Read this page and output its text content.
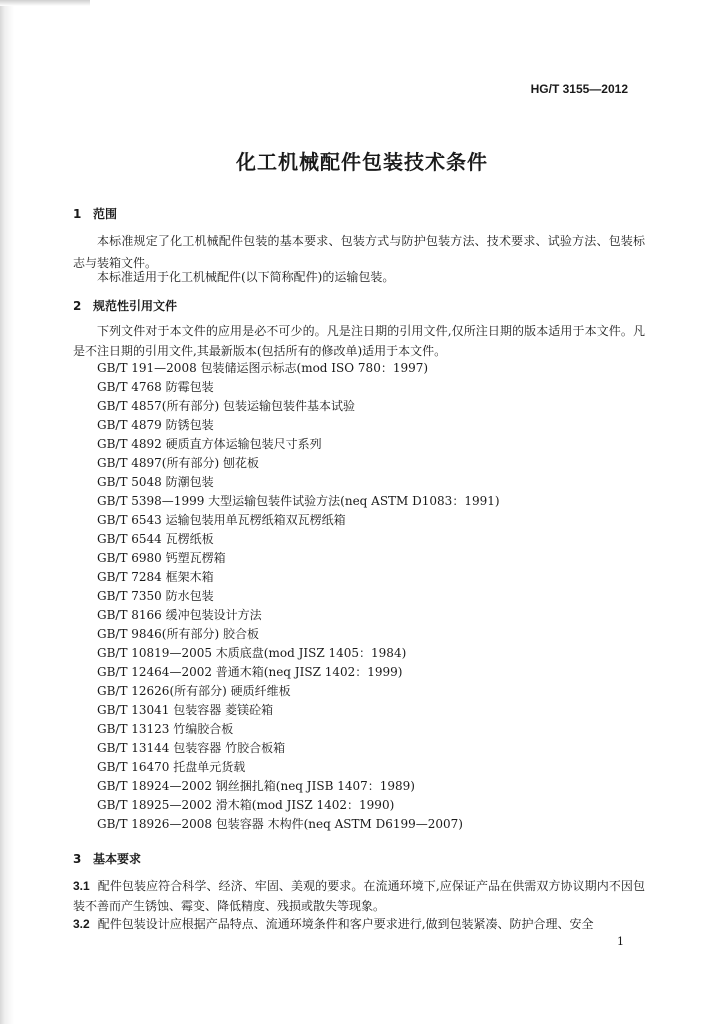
HG/T 3155—2012
化工机械配件包装技术条件
1 范围
本标准规定了化工机械配件包装的基本要求、包装方式与防护包装方法、技术要求、试验方法、包装标志与装箱文件。
本标准适用于化工机械配件(以下简称配件)的运输包装。
2 规范性引用文件
下列文件对于本文件的应用是必不可少的。凡是注日期的引用文件,仅所注日期的版本适用于本文件。凡是不注日期的引用文件,其最新版本(包括所有的修改单)适用于本文件。
GB/T 191—2008 包装储运图示标志(mod ISO 780：1997)
GB/T 4768 防霉包装
GB/T 4857(所有部分) 包装运输包装件基本试验
GB/T 4879 防锈包装
GB/T 4892 硬质直方体运输包装尺寸系列
GB/T 4897(所有部分) 刨花板
GB/T 5048 防潮包装
GB/T 5398—1999 大型运输包装件试验方法(neq ASTM D1083：1991)
GB/T 6543 运输包装用单瓦楞纸箱双瓦楞纸箱
GB/T 6544 瓦楞纸板
GB/T 6980 钙塑瓦楞箱
GB/T 7284 框架木箱
GB/T 7350 防水包装
GB/T 8166 缓冲包装设计方法
GB/T 9846(所有部分) 胶合板
GB/T 10819—2005 木质底盘(mod JISZ 1405：1984)
GB/T 12464—2002 普通木箱(neq JISZ 1402：1999)
GB/T 12626(所有部分) 硬质纤维板
GB/T 13041 包装容器 菱镁砼箱
GB/T 13123 竹编胶合板
GB/T 13144 包装容器 竹胶合板箱
GB/T 16470 托盘单元货载
GB/T 18924—2002 钢丝捆扎箱(neq JISB 1407：1989)
GB/T 18925—2002 滑木箱(mod JISZ 1402：1990)
GB/T 18926—2008 包装容器 木构件(neq ASTM D6199—2007)
3 基本要求
3.1 配件包装应符合科学、经济、牢固、美观的要求。在流通环境下,应保证产品在供需双方协议期内不因包装不善而产生锈蚀、霉变、降低精度、残损或散失等现象。
3.2 配件包装设计应根据产品特点、流通环境条件和客户要求进行,做到包装紧凑、防护合理、安全
1
